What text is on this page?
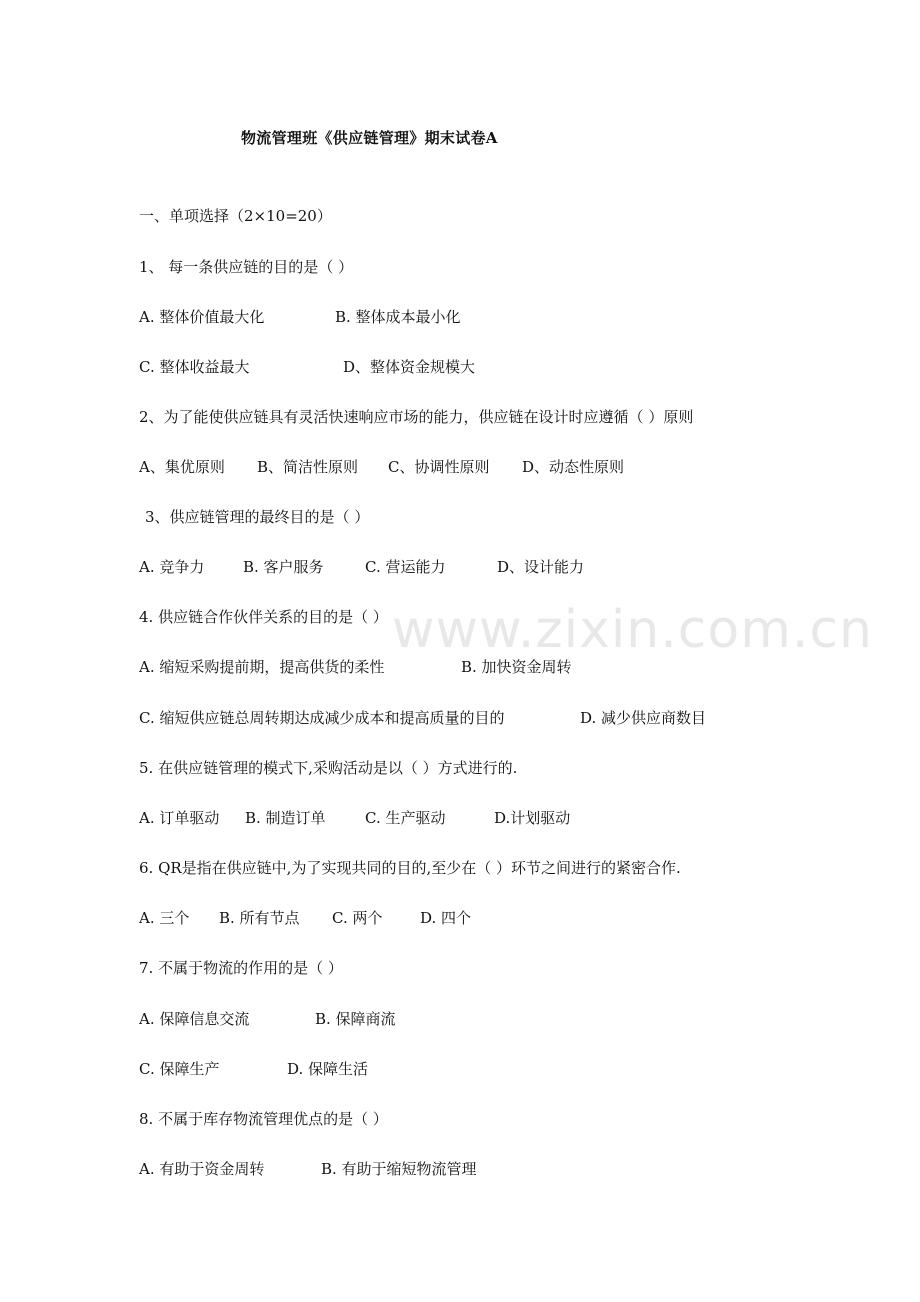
www.zixin.com.cn
物流管理班《供应链管理》期末试卷A
一、单项选择（2×10=20）
1、 每一条供应链的目的是（ ）
A. 整体价值最大化	B. 整体成本最小化
C. 整体收益最大	D、整体资金规模大
2、为了能使供应链具有灵活快速响应市场的能力，供应链在设计时应遵循（ ）原则
A、集优原则 B、简洁性原则 C、协调性原则 D、动态性原则
3、供应链管理的最终目的是（ ）
A. 竞争力	B. 客户服务	C. 营运能力	D、设计能力
4. 供应链合作伙伴关系的目的是（ ）
A. 缩短采购提前期，提高供货的柔性	B. 加快资金周转
C. 缩短供应链总周转期达成减少成本和提高质量的目的	D. 减少供应商数目
5. 在供应链管理的模式下,采购活动是以（ ）方式进行的.
A. 订单驱动 B. 制造订单	C. 生产驱动	D.计划驱动
6. QR是指在供应链中,为了实现共同的目的,至少在（ ）环节之间进行的紧密合作.
A. 三个 B. 所有节点 C. 两个	D. 四个
7. 不属于物流的作用的是（ ）
A. 保障信息交流	B. 保障商流
C. 保障生产	D. 保障生活
8. 不属于库存物流管理优点的是（ ）
A. 有助于资金周转	B. 有助于缩短物流管理
